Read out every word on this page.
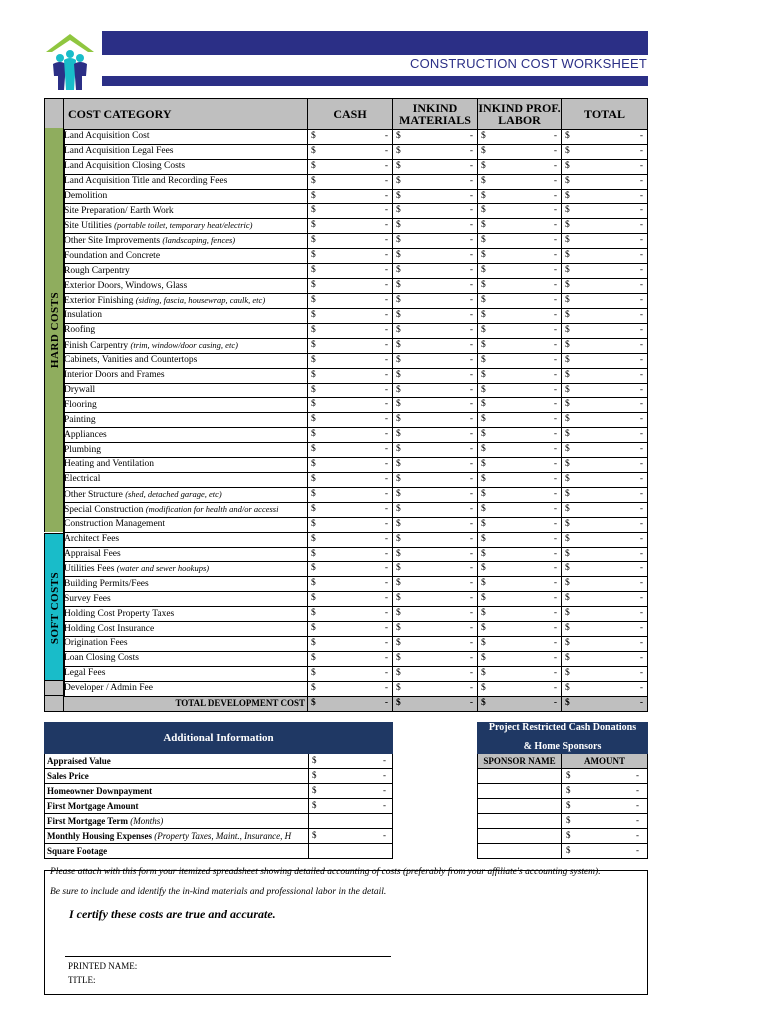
CONSTRUCTION COST WORKSHEET
HARD COSTS
SOFT COSTS
COST CATEGORY	CASH	INKIND MATERIALS	INKIND PROF. LABOR	TOTAL
Land Acquisition Cost	$ -	$ -	$ -	$ -

Land Acquisition Legal Fees	$ -	$ -	$ -	$ -

Land Acquisition Closing Costs	$ -	$ -	$ -	$ -

Land Acquisition Title and Recording Fees	$ -	$ -	$ -	$ -

Demolition	$ -	$ -	$ -	$ -

Site Preparation/ Earth Work	$ -	$ -	$ -	$ -

Site Utilities (portable toilet, temporary heat/electric)	$ -	$ -	$ -	$ -

Other Site Improvements (landscaping, fences)	$ -	$ -	$ -	$ -

Foundation and Concrete	$ -	$ -	$ -	$ -

Rough Carpentry	$ -	$ -	$ -	$ -

Exterior Doors, Windows, Glass	$ -	$ -	$ -	$ -

Exterior Finishing (siding, fascia, housewrap, caulk, etc)	$ -	$ -	$ -	$ -

Insulation	$ -	$ -	$ -	$ -

Roofing	$ -	$ -	$ -	$ -

Finish Carpentry (trim, window/door casing, etc)	$ -	$ -	$ -	$ -

Cabinets, Vanities and Countertops	$ -	$ -	$ -	$ -

Interior Doors and Frames	$ -	$ -	$ -	$ -

Drywall	$ -	$ -	$ -	$ -

Flooring	$ -	$ -	$ -	$ -

Painting	$ -	$ -	$ -	$ -

Appliances	$ -	$ -	$ -	$ -

Plumbing	$ -	$ -	$ -	$ -

Heating and Ventilation	$ -	$ -	$ -	$ -

Electrical	$ -	$ -	$ -	$ -

Other Structure (shed, detached garage, etc)	$ -	$ -	$ -	$ -

Special Construction (modification for health and/or accessi	$ -	$ -	$ -	$ -

Construction Management	$ -	$ -	$ -	$ -

Architect Fees	$ -	$ -	$ -	$ -

Appraisal Fees	$ -	$ -	$ -	$ -

Utilities Fees (water and sewer hookups)	$ -	$ -	$ -	$ -

Building Permits/Fees	$ -	$ -	$ -	$ -

Survey Fees	$ -	$ -	$ -	$ -

Holding Cost Property Taxes	$ -	$ -	$ -	$ -

Holding Cost Insurance	$ -	$ -	$ -	$ -

Origination Fees	$ -	$ -	$ -	$ -

Loan Closing Costs	$ -	$ -	$ -	$ -

Legal Fees	$ -	$ -	$ -	$ -

Developer / Admin Fee	$ -	$ -	$ -	$ -

TOTAL DEVELOPMENT COST	$ -	$ -	$ -	$ -
Additional Information	
Appraised Value	$ -

Sales Price	$ -

Homeowner Downpayment	$ -

First Mortgage Amount	$ -

First Mortgage Term (Months)	
Monthly Housing Expenses (Property Taxes, Maint., Insurance, H	$ -

Square Footage	
Project Restricted Cash Donations
& Home Sponsors	

SPONSOR NAME	AMOUNT

	$ -

	$ -

	$ -

	$ -

	$ -

	$ -
Please attach with this form your itemized spreadsheet showing detailed accounting of costs (preferably from your affiliate's accounting system).
Be sure to include and identify the in-kind materials and professional labor in the detail.
I certify these costs are true and accurate.
PRINTED NAME:
TITLE:
